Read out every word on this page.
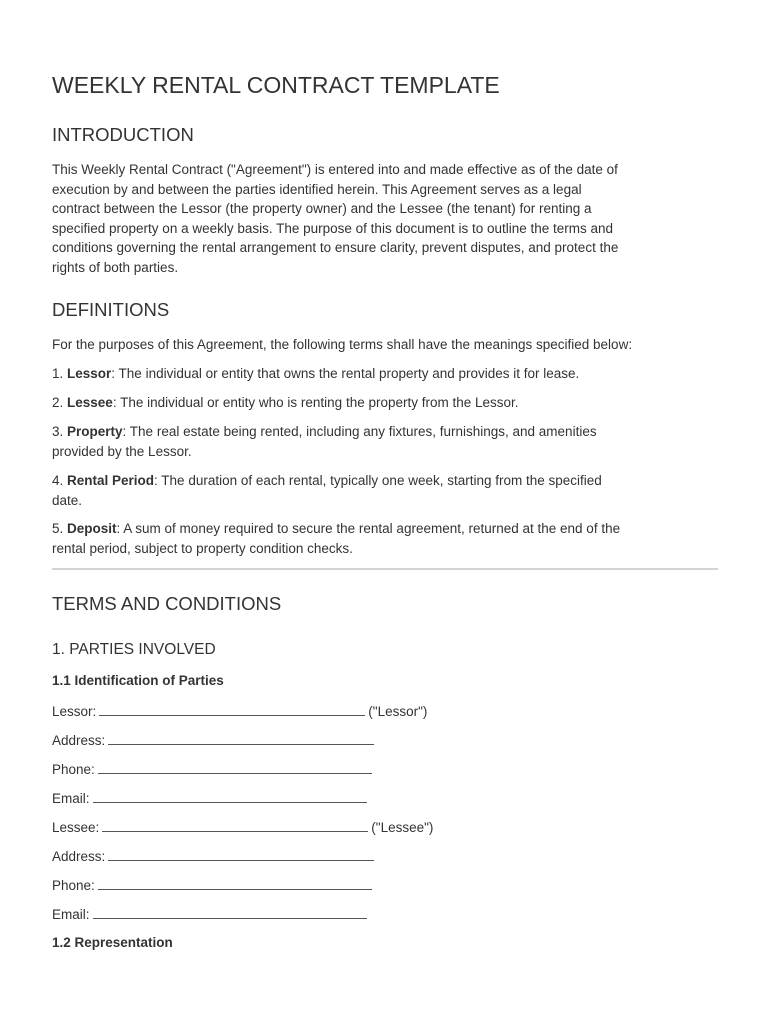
WEEKLY RENTAL CONTRACT TEMPLATE
INTRODUCTION
This Weekly Rental Contract ("Agreement") is entered into and made effective as of the date of
execution by and between the parties identified herein. This Agreement serves as a legal
contract between the Lessor (the property owner) and the Lessee (the tenant) for renting a
specified property on a weekly basis. The purpose of this document is to outline the terms and
conditions governing the rental arrangement to ensure clarity, prevent disputes, and protect the
rights of both parties.
DEFINITIONS
For the purposes of this Agreement, the following terms shall have the meanings specified below:
1. Lessor: The individual or entity that owns the rental property and provides it for lease.
2. Lessee: The individual or entity who is renting the property from the Lessor.
3. Property: The real estate being rented, including any fixtures, furnishings, and amenities
provided by the Lessor.
4. Rental Period: The duration of each rental, typically one week, starting from the specified
date.
5. Deposit: A sum of money required to secure the rental agreement, returned at the end of the
rental period, subject to property condition checks.
TERMS AND CONDITIONS
1. PARTIES INVOLVED
1.1 Identification of Parties
Lessor:	("Lessor")
Address:
Phone:
Email:
Lessee:	("Lessee")
Address:
Phone:
Email:
1.2 Representation
